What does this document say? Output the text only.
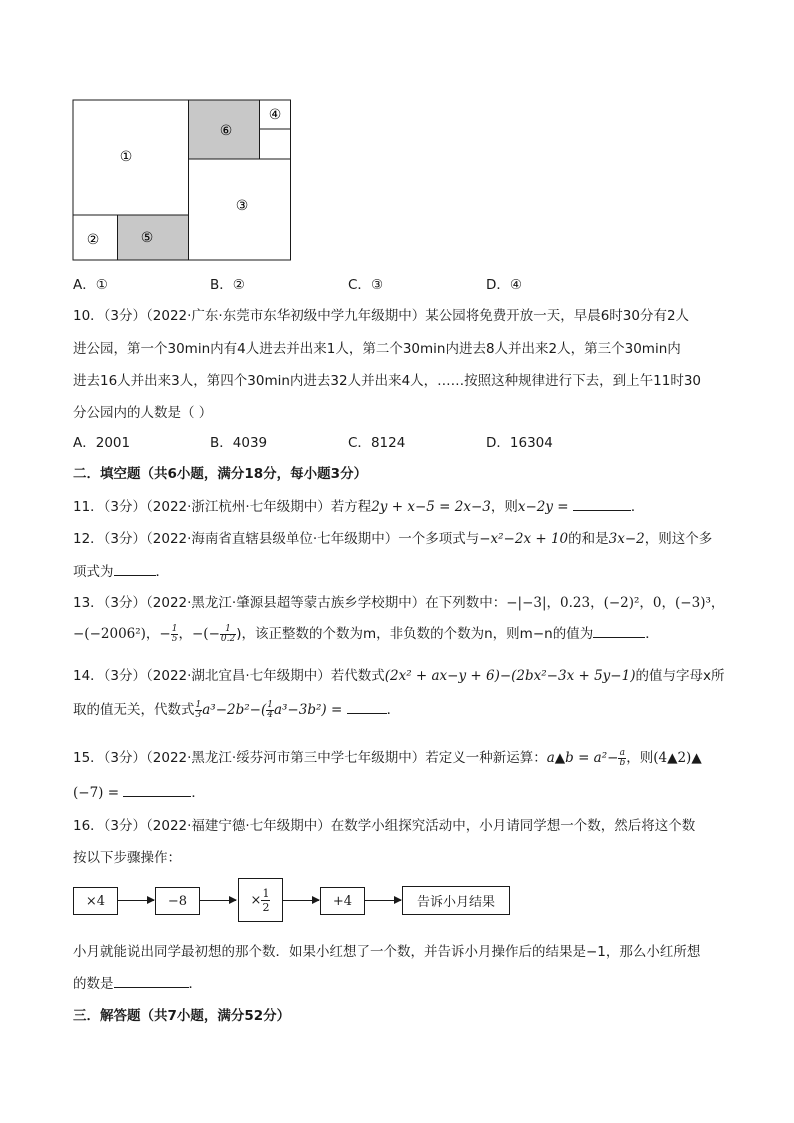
①
②
③
④
⑤
⑥
A．①	B．②	C．③	D．④
10．（3分）（2022·广东·东莞市东华初级中学九年级期中）某公园将免费开放一天，早晨6时30分有2人
进公园，第一个30min内有4人进去并出来1人，第二个30min内进去8人并出来2人，第三个30min内
进去16人并出来3人，第四个30min内进去32人并出来4人，……按照这种规律进行下去，到上午11时30
分公园内的人数是（ ）
A．2001	B．4039	C．8124	D．16304
二．填空题（共6小题，满分18分，每小题3分）
11．（3分）（2022·浙江杭州·七年级期中）若方程2y + x−5 = 2x−3，则x−2y =	．
12．（3分）（2022·海南省直辖县级单位·七年级期中）一个多项式与−x²−2x + 10的和是3x−2，则这个多
项式为	．
13．（3分）（2022·黑龙江·肇源县超等蒙古族乡学校期中）在下列数中：−|−3|，0.23，(−2)²，0，(−3)³，
−(−2006²)，− $\frac{1}{5}$ ，−(− $\frac{1}{0.2}$ )，该正整数的个数为m，非负数的个数为n，则m−n的值为	．
14．（3分）（2022·湖北宜昌·七年级期中）若代数式(2x² + ax−y + 6)−(2bx²−3x + 5y−1)的值与字母x所
取的值无关，代数式 $\frac{1}{3} a^3-2b^2-( \frac{1}{4} a^3-3b^2)$ =	．
15．（3分）（2022·黑龙江·绥芬河市第三中学七年级期中）若定义一种新运算：a▲b = $a^2- \frac{a}{b}$ ，则(4▲2)▲
(−7) =	．
16．（3分）（2022·福建宁德·七年级期中）在数学小组探究活动中，小月请同学想一个数，然后将这个数
按以下步骤操作：
×4	−8	× $\frac{1}{2}$	+4	告诉小月结果
小月就能说出同学最初想的那个数．如果小红想了一个数，并告诉小月操作后的结果是−1，那么小红所想
的数是	．
三．解答题（共7小题，满分52分）
